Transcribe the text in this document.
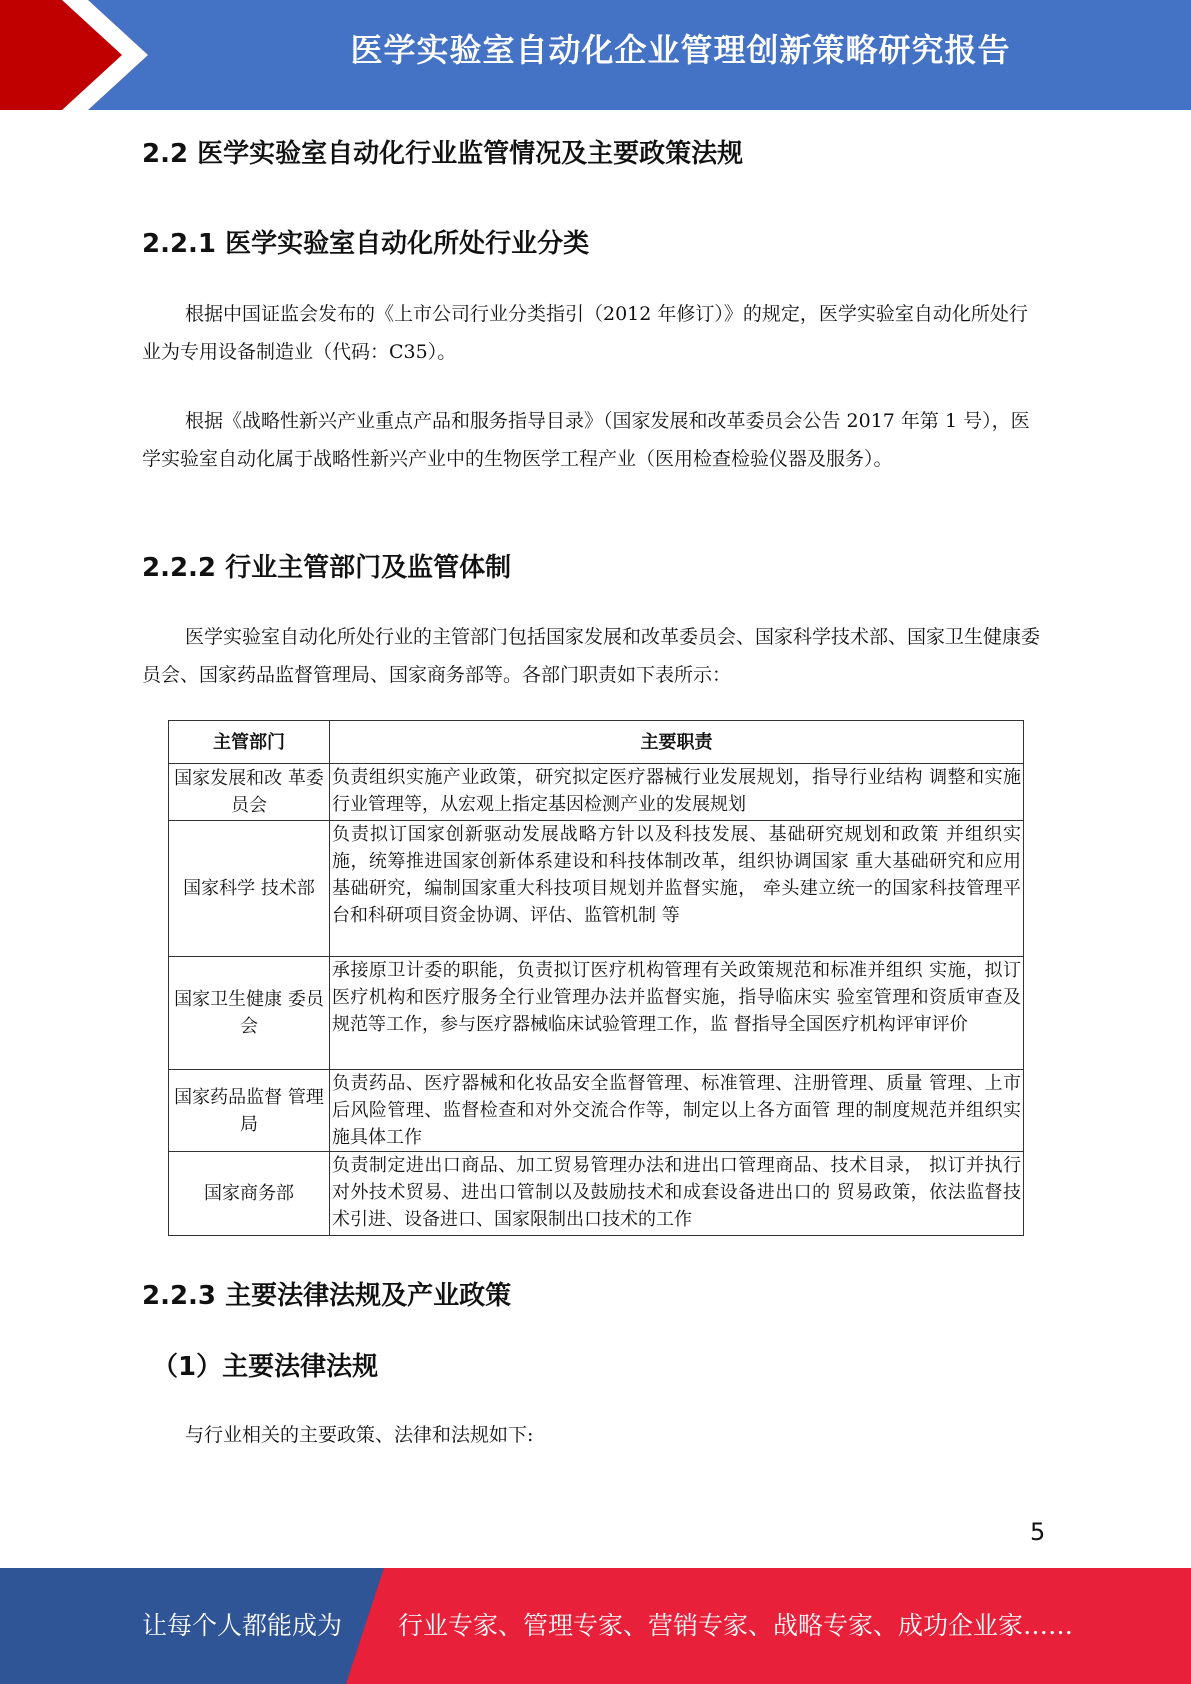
医学实验室自动化企业管理创新策略研究报告
2.2 医学实验室自动化行业监管情况及主要政策法规
2.2.1 医学实验室自动化所处行业分类

根据中国证监会发布的《上市公司行业分类指引（2012 年修订）》的规定，医学实验室自动化所处行业为专用设备制造业（代码：C35）。

根据《战略性新兴产业重点产品和服务指导目录》（国家发展和改革委员会公告 2017 年第 1 号），医学实验室自动化属于战略性新兴产业中的生物医学工程产业（医用检查检验仪器及服务）。

2.2.2 行业主管部门及监管体制

医学实验室自动化所处行业的主管部门包括国家发展和改革委员会、国家科学技术部、国家卫生健康委员会、国家药品监督管理局、国家商务部等。各部门职责如下表所示：

主管部门	主要职责
国家发展和改 革委员会	负责组织实施产业政策，研究拟定医疗器械行业发展规划，指导行业结构 调整和实施行业管理等，从宏观上指定基因检测产业的发展规划
国家科学 技术部	负责拟订国家创新驱动发展战略方针以及科技发展、基础研究规划和政策 并组织实施，统筹推进国家创新体系建设和科技体制改革，组织协调国家 重大基础研究和应用基础研究，编制国家重大科技项目规划并监督实施， 牵头建立统一的国家科技管理平台和科研项目资金协调、评估、监管机制 等
国家卫生健康 委员会	承接原卫计委的职能，负责拟订医疗机构管理有关政策规范和标准并组织 实施，拟订医疗机构和医疗服务全行业管理办法并监督实施，指导临床实 验室管理和资质审查及规范等工作，参与医疗器械临床试验管理工作，监 督指导全国医疗机构评审评价
国家药品监督 管理局	负责药品、医疗器械和化妆品安全监督管理、标准管理、注册管理、质量 管理、上市后风险管理、监督检查和对外交流合作等，制定以上各方面管 理的制度规范并组织实施具体工作
国家商务部	负责制定进出口商品、加工贸易管理办法和进出口管理商品、技术目录， 拟订并执行对外技术贸易、进出口管制以及鼓励技术和成套设备进出口的 贸易政策，依法监督技术引进、设备进口、国家限制出口技术的工作
2.2.3 主要法律法规及产业政策
（1）主要法律法规

与行业相关的主要政策、法律和法规如下:

5
让每个人都能成为 行业专家、管理专家、营销专家、战略专家、成功企业家……
